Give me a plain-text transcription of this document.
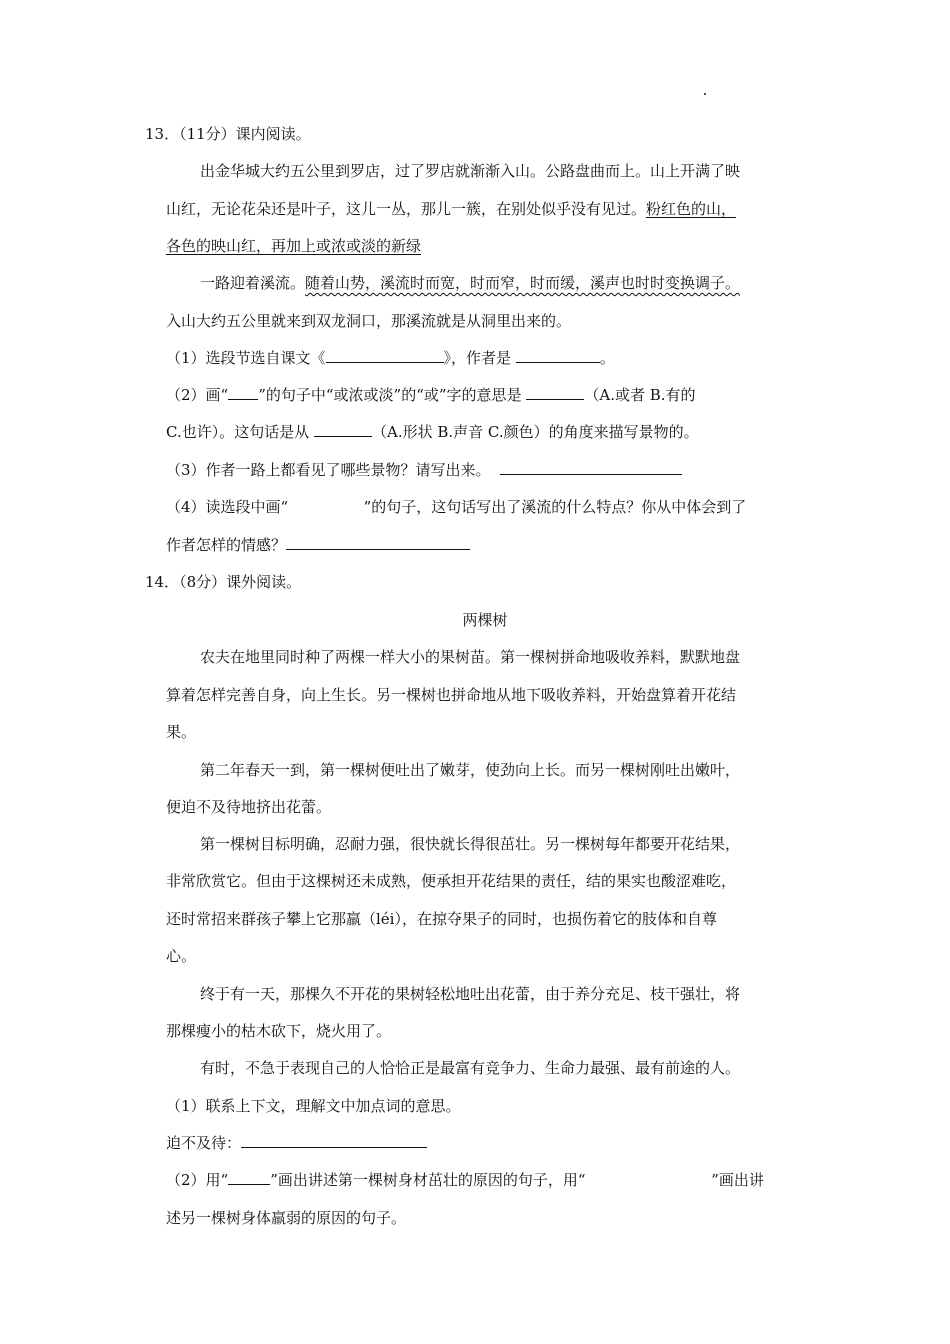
13．（11分）课内阅读。
出金华城大约五公里到罗店，过了罗店就渐渐入山。公路盘曲而上。山上开满了映
山红，无论花朵还是叶子，这儿一丛，那儿一簇，在别处似乎没有见过。粉红色的山，
各色的映山红，再加上或浓或淡的新绿
一路迎着溪流。随着山势，溪流时而宽，时而窄，时而缓，溪声也时时变换调子。
入山大约五公里就来到双龙洞口，那溪流就是从洞里出来的。
（1）选段节选自课文《	》，作者是	。
（2）画“ ”的句子中“或浓或淡”的“或”字的意思是	（A.或者 B.有的
C.也许）。这句话是从	（A.形状 B.声音 C.颜色）的角度来描写景物的。
（3）作者一路上都看见了哪些景物？请写出来。
（4）读选段中画“	”的句子，这句话写出了溪流的什么特点？你从中体会到了
作者怎样的情感？
14．（8分）课外阅读。
两棵树
农夫在地里同时种了两棵一样大小的果树苗。第一棵树拼命地吸收养料，默默地盘
算着怎样完善自身，向上生长。另一棵树也拼命地从地下吸收养料，开始盘算着开花结
果。
第二年春天一到，第一棵树便吐出了嫩芽，使劲向上长。而另一棵树刚吐出嫩叶，
便迫不及待地挤出花蕾。
第一棵树目标明确，忍耐力强，很快就长得很茁壮。另一棵树每年都要开花结果，
非常欣赏它。但由于这棵树还未成熟，便承担开花结果的责任，结的果实也酸涩难吃，
还时常招来群孩子攀上它那羸（léi），在掠夺果子的同时，也损伤着它的肢体和自尊
心。
终于有一天，那棵久不开花的果树轻松地吐出花蕾，由于养分充足、枝干强壮，将
那棵瘦小的枯木砍下，烧火用了。
有时，不急于表现自己的人恰恰正是最富有竞争力、生命力最强、最有前途的人。
（1）联系上下文，理解文中加点词的意思。
迫不及待：
（2）用“	”画出讲述第一棵树身材茁壮的原因的句子，用“	”画出讲
述另一棵树身体羸弱的原因的句子。
